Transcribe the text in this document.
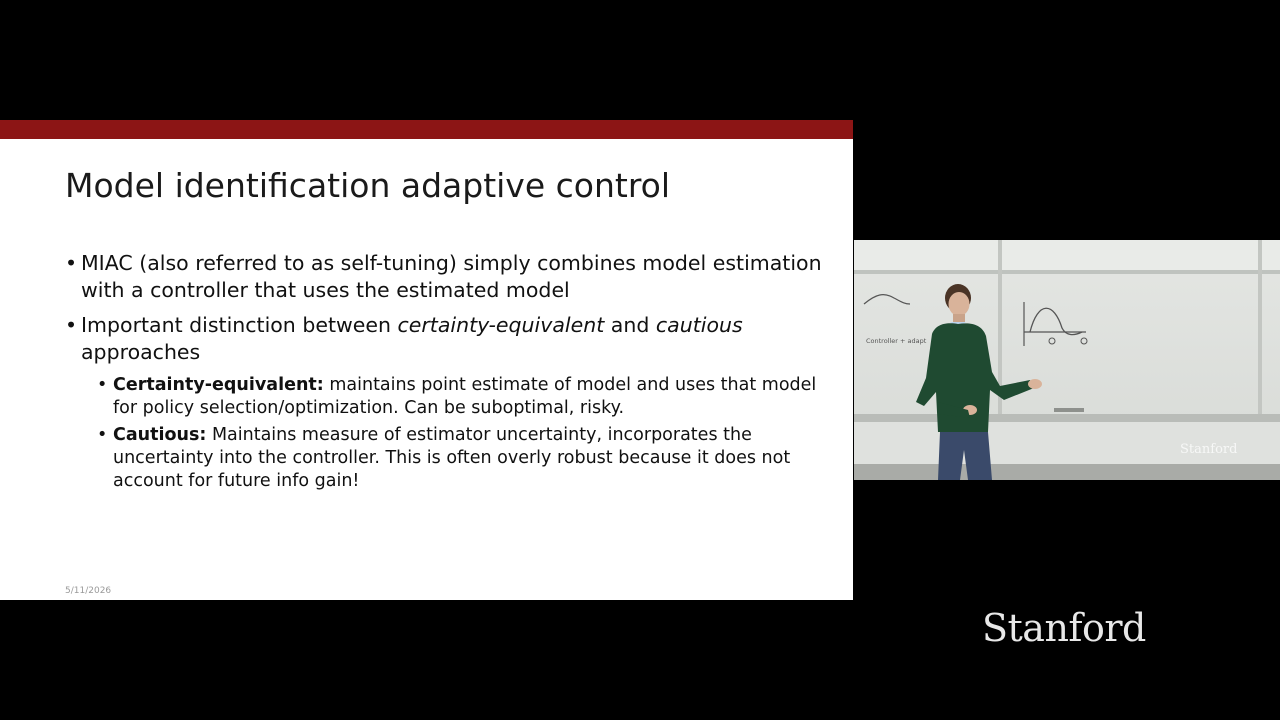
Model identification adaptive control
• MIAC (also referred to as self-tuning) simply combines model estimation with a controller that uses the estimated model
• Important distinction between certainty-equivalent and cautious approaches
• Certainty-equivalent: maintains point estimate of model and uses that model for policy selection/optimization. Can be suboptimal, risky.
• Cautious: Maintains measure of estimator uncertainty, incorporates the uncertainty into the controller. This is often overly robust because it does not account for future info gain!
5/11/2026
Controller + adapt
Stanford
Stanford
